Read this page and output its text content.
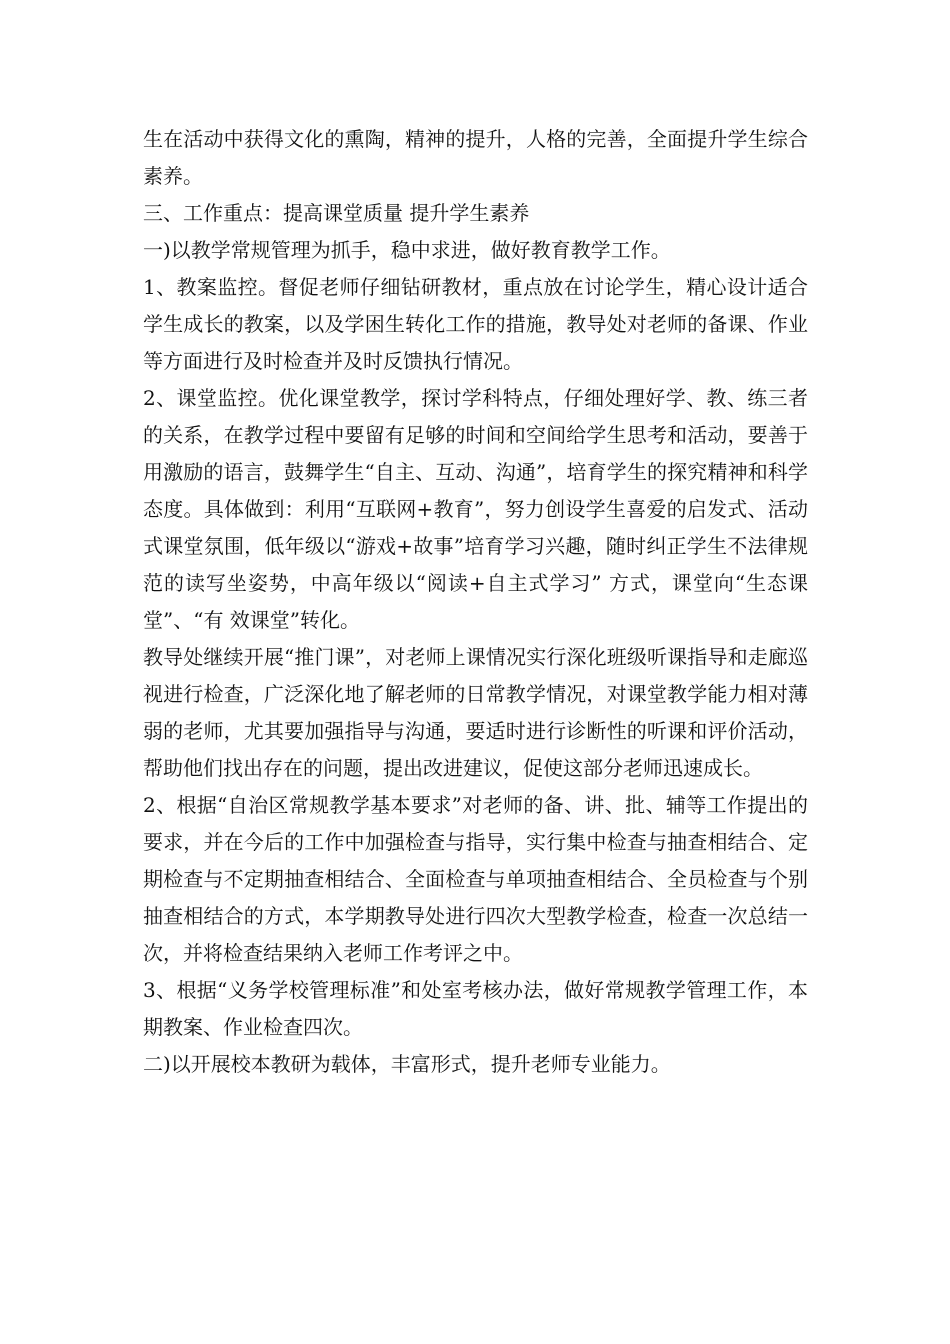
生在活动中获得文化的熏陶，精神的提升，人格的完善，全面提升学生综合素养。

三、工作重点：提高课堂质量 提升学生素养

一)以教学常规管理为抓手，稳中求进，做好教育教学工作。

1、教案监控。督促老师仔细钻研教材，重点放在讨论学生，精心设计适合学生成长的教案，以及学困生转化工作的措施，教导处对老师的备课、作业等方面进行及时检查并及时反馈执行情况。

2、课堂监控。优化课堂教学，探讨学科特点，仔细处理好学、教、练三者的关系，在教学过程中要留有足够的时间和空间给学生思考和活动，要善于用激励的语言，鼓舞学生“自主、互动、沟通”，培育学生的探究精神和科学态度。具体做到：利用“互联网+教育”，努力创设学生喜爱的启发式、活动式课堂氛围，低年级以“游戏+故事”培育学习兴趣，随时纠正学生不法律规范的读写坐姿势，中高年级以“阅读+自主式学习” 方式，课堂向“生态课堂”、“有 效课堂”转化。

教导处继续开展“推门课”，对老师上课情况实行深化班级听课指导和走廊巡视进行检查，广泛深化地了解老师的日常教学情况，对课堂教学能力相对薄弱的老师，尤其要加强指导与沟通，要适时进行诊断性的听课和评价活动，帮助他们找出存在的问题，提出改进建议，促使这部分老师迅速成长。

2、根据“自治区常规教学基本要求”对老师的备、讲、批、辅等工作提出的要求，并在今后的工作中加强检查与指导，实行集中检查与抽查相结合、定期检查与不定期抽查相结合、全面检查与单项抽查相结合、全员检查与个别抽查相结合的方式，本学期教导处进行四次大型教学检查，检查一次总结一次，并将检查结果纳入老师工作考评之中。

3、根据“义务学校管理标准”和处室考核办法，做好常规教学管理工作，本期教案、作业检查四次。

二)以开展校本教研为载体，丰富形式，提升老师专业能力。
